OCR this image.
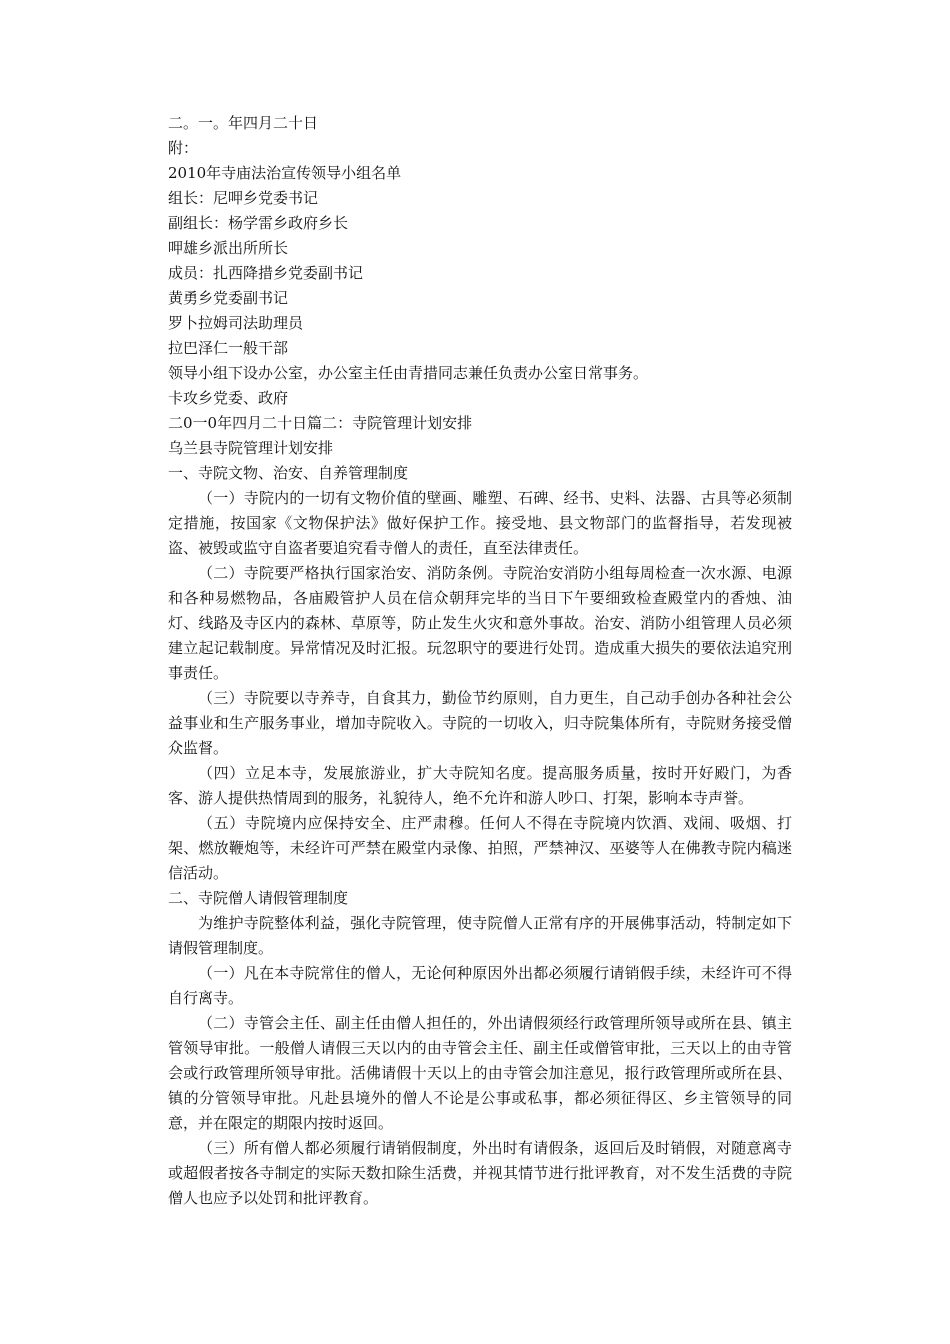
二。一。年四月二十日

附：

2010年寺庙法治宣传领导小组名单

组长：尼呷乡党委书记

副组长：杨学雷乡政府乡长

呷雄乡派出所所长

成员：扎西降措乡党委副书记

黄勇乡党委副书记

罗卜拉姆司法助理员

拉巴泽仁一般干部

领导小组下设办公室，办公室主任由青措同志兼任负责办公室日常事务。

卡攻乡党委、政府

二0一0年四月二十日篇二：寺院管理计划安排

乌兰县寺院管理计划安排

一、寺院文物、治安、自养管理制度

（一）寺院内的一切有文物价值的壁画、雕塑、石碑、经书、史料、法器、古具等必须制定措施，按国家《文物保护法》做好保护工作。接受地、县文物部门的监督指导，若发现被盗、被毁或监守自盗者要追究看寺僧人的责任，直至法律责任。

（二）寺院要严格执行国家治安、消防条例。寺院治安消防小组每周检查一次水源、电源和各种易燃物品，各庙殿管护人员在信众朝拜完毕的当日下午要细致检查殿堂内的香烛、油灯、线路及寺区内的森林、草原等，防止发生火灾和意外事故。治安、消防小组管理人员必须建立起记载制度。异常情况及时汇报。玩忽职守的要进行处罚。造成重大损失的要依法追究刑事责任。

（三）寺院要以寺养寺，自食其力，勤俭节约原则，自力更生，自己动手创办各种社会公益事业和生产服务事业，增加寺院收入。寺院的一切收入，归寺院集体所有，寺院财务接受僧众监督。

（四）立足本寺，发展旅游业，扩大寺院知名度。提高服务质量，按时开好殿门，为香客、游人提供热情周到的服务，礼貌待人，绝不允许和游人吵口、打架，影响本寺声誉。

（五）寺院境内应保持安全、庄严肃穆。任何人不得在寺院境内饮酒、戏闹、吸烟、打架、燃放鞭炮等，未经许可严禁在殿堂内录像、拍照，严禁神汉、巫婆等人在佛教寺院内稿迷信活动。

二、寺院僧人请假管理制度

为维护寺院整体利益，强化寺院管理，使寺院僧人正常有序的开展佛事活动，特制定如下请假管理制度。

（一）凡在本寺院常住的僧人，无论何种原因外出都必须履行请销假手续，未经许可不得自行离寺。

（二）寺管会主任、副主任由僧人担任的，外出请假须经行政管理所领导或所在县、镇主管领导审批。一般僧人请假三天以内的由寺管会主任、副主任或僧管审批，三天以上的由寺管会或行政管理所领导审批。活佛请假十天以上的由寺管会加注意见，报行政管理所或所在县、镇的分管领导审批。凡赴县境外的僧人不论是公事或私事，都必须征得区、乡主管领导的同意，并在限定的期限内按时返回。

（三）所有僧人都必须履行请销假制度，外出时有请假条，返回后及时销假，对随意离寺或超假者按各寺制定的实际天数扣除生活费，并视其情节进行批评教育，对不发生活费的寺院僧人也应予以处罚和批评教育。
